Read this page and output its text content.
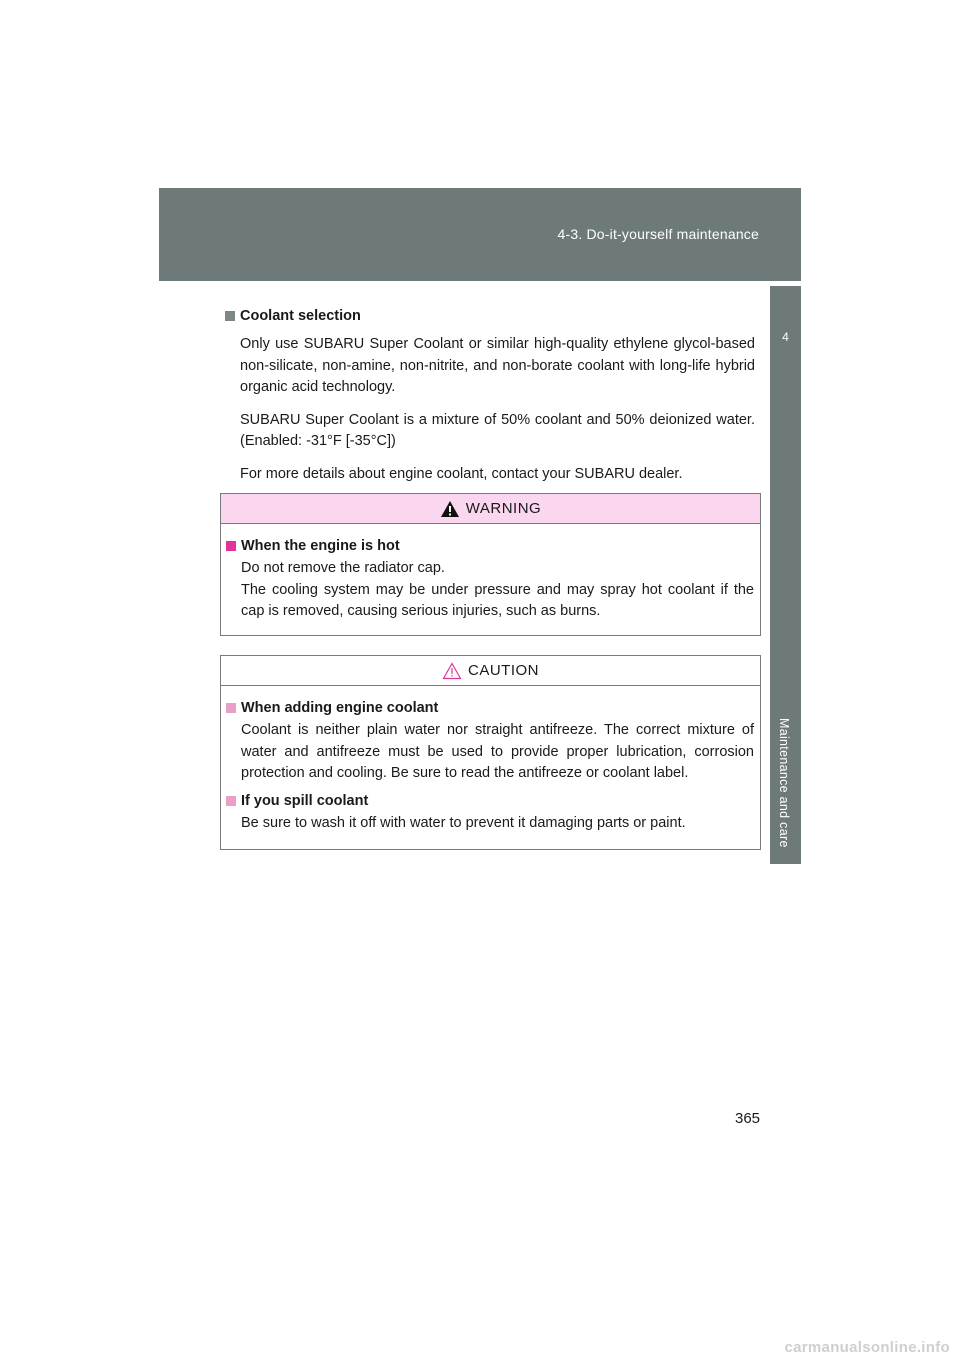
4-3. Do-it-yourself maintenance
4
Maintenance and care
Coolant selection

Only use SUBARU Super Coolant or similar high-quality ethylene glycol-based non-silicate, non-amine, non-nitrite, and non-borate coolant with long-life hybrid organic acid technology.

SUBARU Super Coolant is a mixture of 50% coolant and 50% deionized water. (Enabled: -31°F [-35°C])

For more details about engine coolant, contact your SUBARU dealer.

WARNING
When the engine is hot
Do not remove the radiator cap.
The cooling system may be under pressure and may spray hot coolant if the cap is removed, causing serious injuries, such as burns.
CAUTION
When adding engine coolant
Coolant is neither plain water nor straight antifreeze. The correct mixture of water and antifreeze must be used to provide proper lubrication, corrosion protection and cooling. Be sure to read the antifreeze or coolant label.
If you spill coolant
Be sure to wash it off with water to prevent it damaging parts or paint.
365
carmanualsonline.info
